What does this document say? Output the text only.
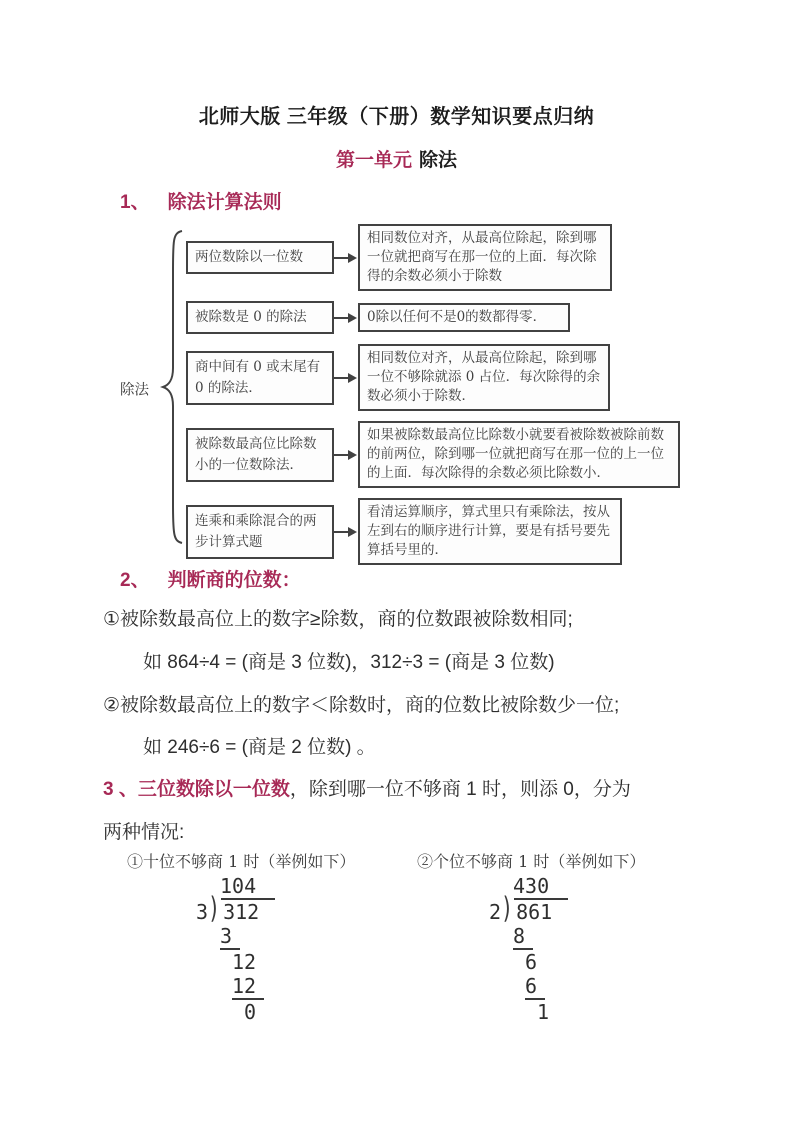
北师大版 三年级（下册）数学知识要点归纳
第一单元 除法
1、 除法计算法则
除法
两位数除以一位数
相同数位对齐，从最高位除起，除到哪一位就把商写在那一位的上面．每次除得的余数必须小于除数
被除数是 0 的除法	0除以任何不是0的数都得零．
商中间有 0 或末尾有 0 的除法．
相同数位对齐，从最高位除起，除到哪一位不够除就添 0 占位．每次除得的余数必须小于除数．
被除数最高位比除数小的一位数除法．
如果被除数最高位比除数小就要看被除数被除前数的前两位，除到哪一位就把商写在那一位的上一位的上面．每次除得的余数必须比除数小．
连乘和乘除混合的两步计算式题
看清运算顺序，算式里只有乘除法，按从左到右的顺序进行计算，要是有括号要先算括号里的．
2、 判断商的位数：
①被除数最高位上的数字≥除数，商的位数跟被除数相同;
如 864÷4 = (商是 3 位数)，312÷3 = (商是 3 位数)
②被除数最高位上的数字＜除数时，商的位数比被除数少一位;
如 246÷6 = (商是 2 位数) 。
3 、三位数除以一位数，除到哪一位不够商 1 时，则添 0，分为
两种情况:
①十位不够商 1 时（举例如下）	②个位不够商 1 时（举例如下）
104
3 ) 312
3
12
12
0
430
2 ) 861
8
6
6
1
